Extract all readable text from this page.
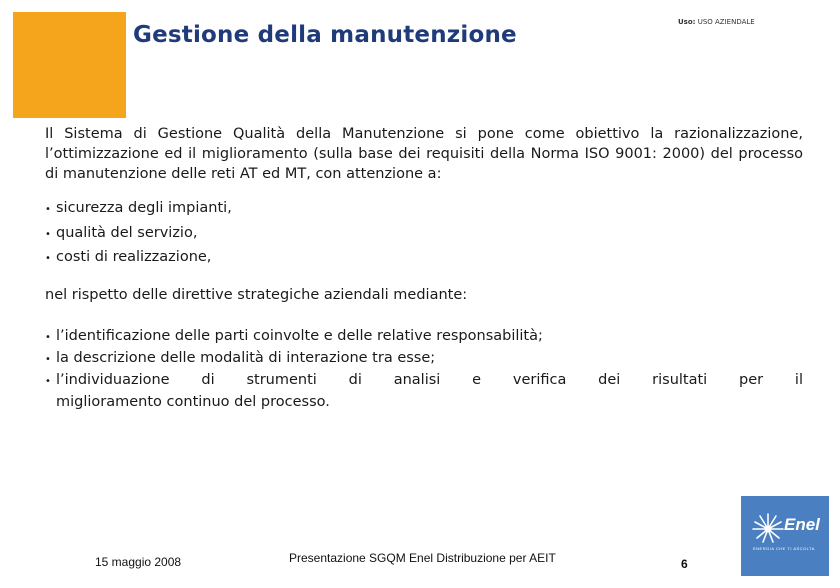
Gestione della manutenzione	Uso: USO AZIENDALE
Il Sistema di Gestione Qualità della Manutenzione si pone come obiettivo la razionalizzazione, l’ottimizzazione ed il miglioramento (sulla base dei requisiti della Norma ISO 9001: 2000) del processo di manutenzione delle reti AT ed MT, con attenzione a:
• sicurezza degli impianti,
• qualità del servizio,
• costi di realizzazione,
nel rispetto delle direttive strategiche aziendali mediante:
• l’identificazione delle parti coinvolte e delle relative responsabilità;
• la descrizione delle modalità di interazione tra esse;
• l’individuazione di strumenti di analisi e verifica dei risultati per il
miglioramento continuo del processo.
15 maggio 2008	Presentazione SGQM Enel Distribuzione per AEIT	6
Enel
ENERGIA CHE TI ASCOLTA
